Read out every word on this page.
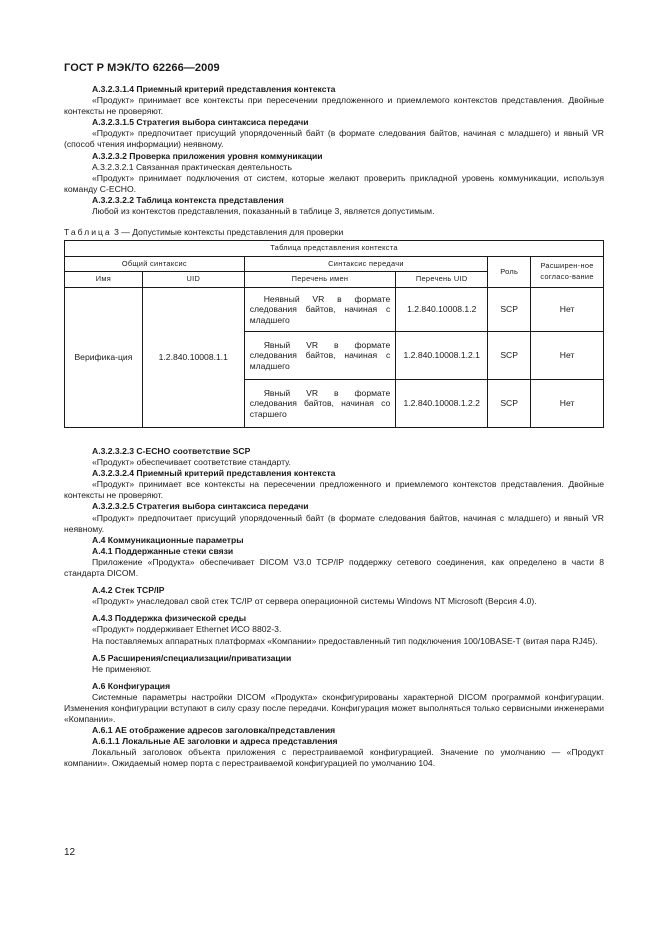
ГОСТ Р МЭК/ТО 62266—2009

А.3.2.3.1.4 Приемный критерий представления контекста

«Продукт» принимает все контексты при пересечении предложенного и приемлемого контекстов представления. Двойные контексты не проверяют.

А.3.2.3.1.5 Стратегия выбора синтаксиса передачи

«Продукт» предпочитает присущий упорядоченный байт (в формате следования байтов, начиная с младшего) и явный VR (способ чтения информации) неявному.

А.3.2.3.2 Проверка приложения уровня коммуникации

А.3.2.3.2.1 Связанная практическая деятельность

«Продукт» принимает подключения от систем, которые желают проверить прикладной уровень коммуникации, используя команду C-ECHO.

А.3.2.3.2.2 Таблица контекста представления

Любой из контекстов представления, показанный в таблице 3, является допустимым.

Таблица 3 — Допустимые контексты представления для проверки
Таблица представления контекста					
Общий синтаксис		Синтаксис передачи		Роль	Расширен-ное согласо-вание
Имя	UID	Перечень имен	Перечень UID		
Верифика-ция	1.2.840.10008.1.1	Неявный VR в формате следования байтов, начиная с младшего	1.2.840.10008.1.2	SCP	Нет

		Явный VR в формате следования байтов, начиная с младшего	1.2.840.10008.1.2.1	SCP	Нет

		Явный VR в формате следования байтов, начиная со старшего	1.2.840.10008.1.2.2	SCP	Нет

А.3.2.3.2.3 C-ECHO соответствие SCP

«Продукт» обеспечивает соответствие стандарту.

А.3.2.3.2.4 Приемный критерий представления контекста

«Продукт» принимает все контексты на пересечении предложенного и приемлемого контекстов представления. Двойные контексты не проверяют.

А.3.2.3.2.5 Стратегия выбора синтаксиса передачи

«Продукт» предпочитает присущий упорядоченный байт (в формате следования байтов, начиная с младшего) и явный VR неявному.

А.4 Коммуникационные параметры

А.4.1 Поддержанные стеки связи

Приложение «Продукта» обеспечивает DICOM V3.0 TCP/IP поддержку сетевого соединения, как определено в части 8 стандарта DICOM.

А.4.2 Стек TCP/IP

«Продукт» унаследовал свой стек TC/IP от сервера операционной системы Windows NT Microsoft (Версия 4.0).

А.4.3 Поддержка физической среды

«Продукт» поддерживает Ethernet ИСО 8802-3.

На поставляемых аппаратных платформах «Компании» предоставленный тип подключения 100/10BASE-T (витая пара RJ45).

А.5 Расширения/специализации/приватизации

Не применяют.

А.6 Конфигурация

Системные параметры настройки DICOM «Продукта» сконфигурированы характерной DICOM программой конфигурации. Изменения конфигурации вступают в силу сразу после передачи. Конфигурация может выполняться только сервисными инженерами «Компании».

А.6.1 AE отображение адресов заголовка/представления

А.6.1.1 Локальные AE заголовки и адреса представления

Локальный заголовок объекта приложения с перестраиваемой конфигурацией. Значение по умолчанию — «Продукт компании». Ожидаемый номер порта с перестраиваемой конфигурацией по умолчанию 104.

12
